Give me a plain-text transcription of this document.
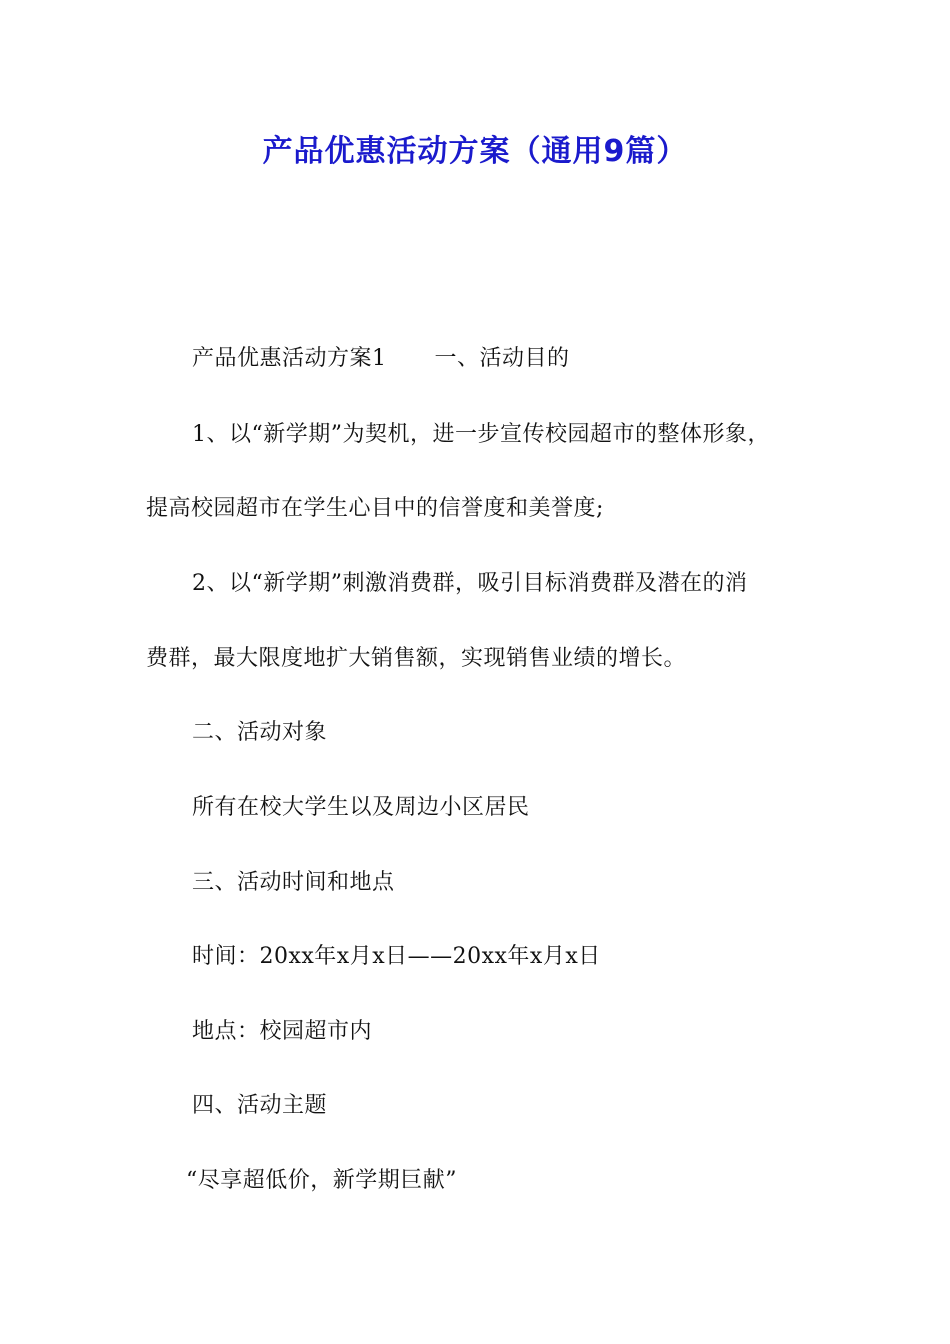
产品优惠活动方案（通用9篇）
产品优惠活动方案1 一、活动目的
1、以“新学期”为契机，进一步宣传校园超市的整体形象，
提高校园超市在学生心目中的信誉度和美誉度;
2、以“新学期”刺激消费群，吸引目标消费群及潜在的消
费群，最大限度地扩大销售额，实现销售业绩的增长。
二、活动对象
所有在校大学生以及周边小区居民
三、活动时间和地点
时间：20xx年x月x日——20xx年x月x日
地点：校园超市内
四、活动主题
“尽享超低价，新学期巨献”
